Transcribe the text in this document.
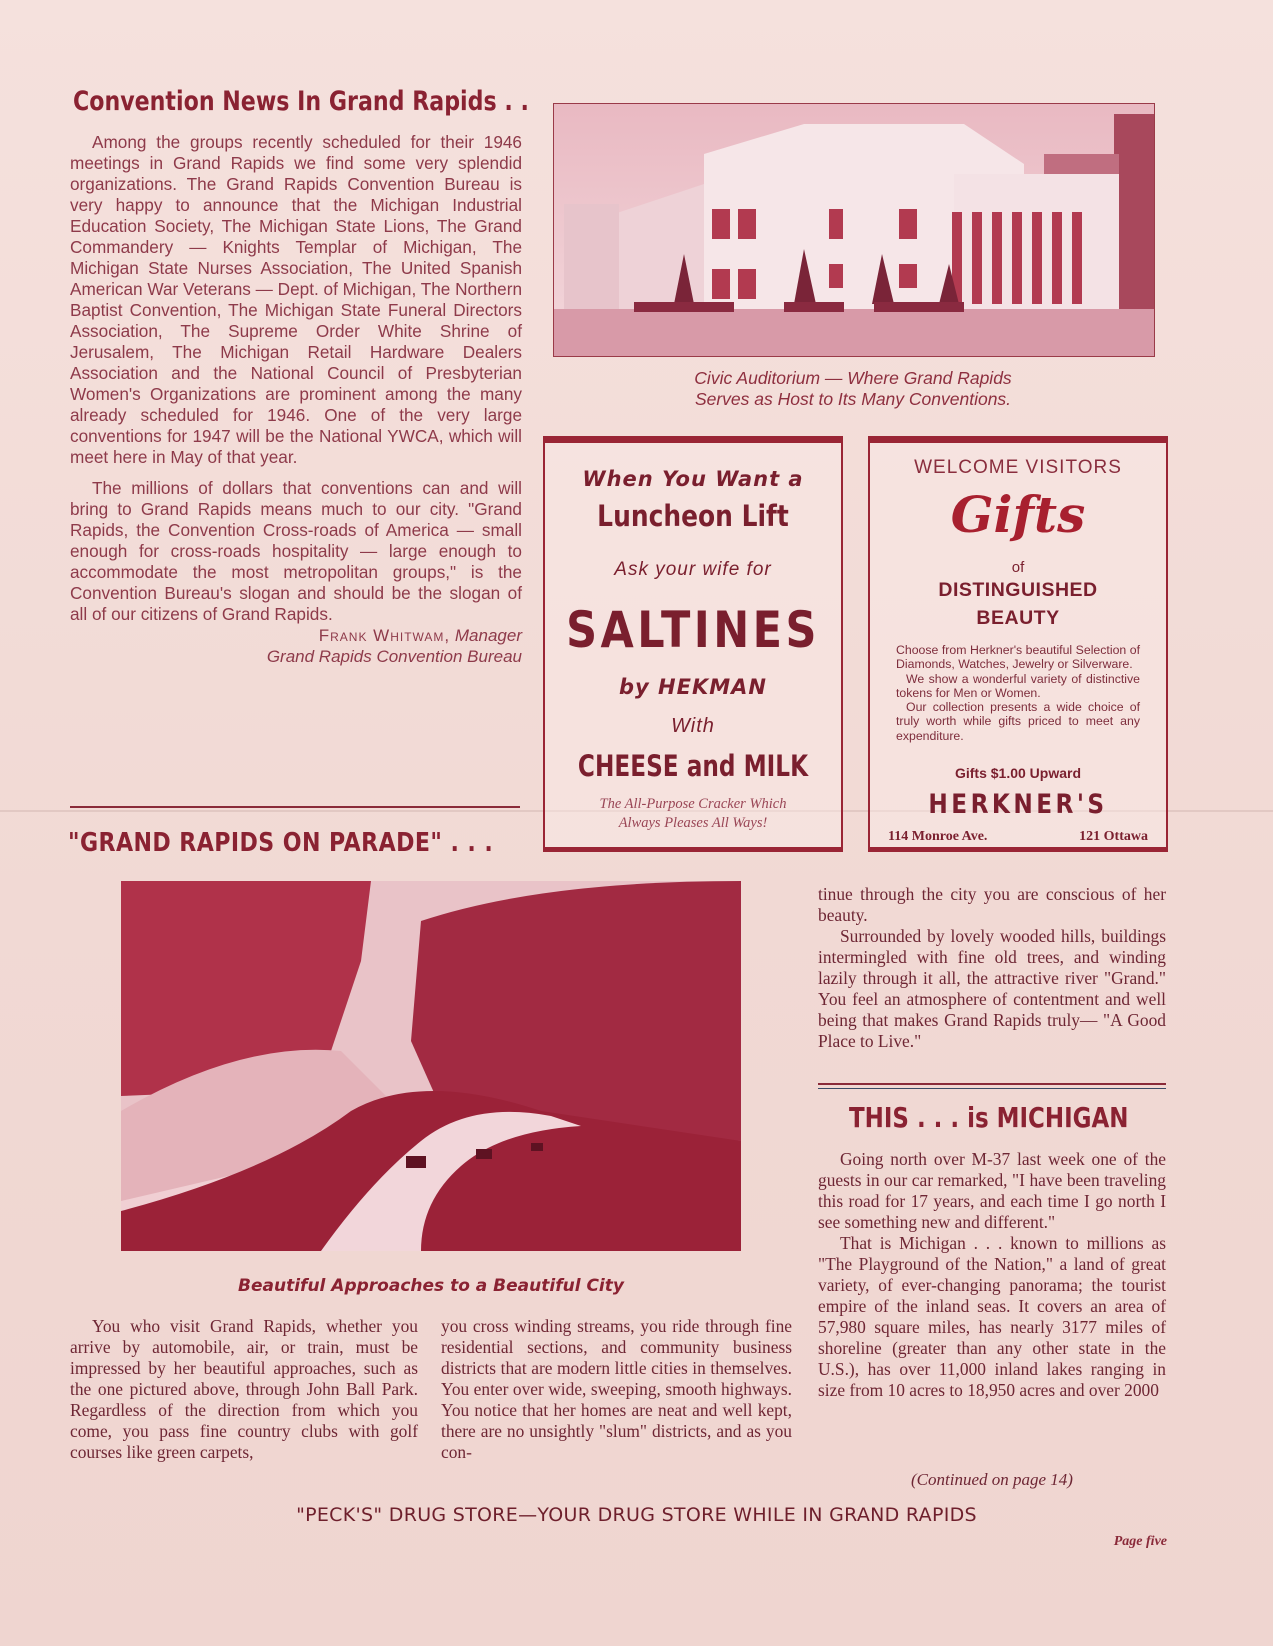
Convention News In Grand Rapids . .

Among the groups recently scheduled for their 1946 meetings in Grand Rapids we find some very splendid organizations. The Grand Rapids Convention Bureau is very happy to announce that the Michigan Industrial Education Society, The Michigan State Lions, The Grand Commandery — Knights Templar of Michigan, The Michigan State Nurses Association, The United Spanish American War Veterans — Dept. of Michigan, The Northern Baptist Convention, The Michigan State Funeral Directors Association, The Supreme Order White Shrine of Jerusalem, The Michigan Retail Hardware Dealers Association and the National Council of Presbyterian Women's Organizations are prominent among the many already scheduled for 1946. One of the very large conventions for 1947 will be the National YWCA, which will meet here in May of that year.

The millions of dollars that conventions can and will bring to Grand Rapids means much to our city. "Grand Rapids, the Convention Cross-roads of America — small enough for cross-roads hospitality — large enough to accommodate the most metropolitan groups," is the Convention Bureau's slogan and should be the slogan of all of our citizens of Grand Rapids.

Frank Whitwam, Manager
Grand Rapids Convention Bureau
Civic Auditorium — Where Grand Rapids
Serves as Host to Its Many Conventions.
When You Want a
Luncheon Lift
Ask your wife for
SALTINES
by HEKMAN
With
CHEESE and MILK
The All-Purpose Cracker Which
Always Pleases All Ways!
WELCOME VISITORS
Gifts
of
DISTINGUISHED
BEAUTY

Choose from Herkner's beautiful Selection of Diamonds, Watches, Jewelry or Silverware.

We show a wonderful variety of distinctive tokens for Men or Women.

Our collection presents a wide choice of truly worth while gifts priced to meet any expenditure.

Gifts $1.00 Upward
HERKNER'S
114 Monroe Ave.	121 Ottawa
"GRAND RAPIDS ON PARADE" . . .
Beautiful Approaches to a Beautiful City

You who visit Grand Rapids, whether you arrive by automobile, air, or train, must be impressed by her beautiful approaches, such as the one pictured above, through John Ball Park. Regardless of the direction from which you come, you pass fine country clubs with golf courses like green carpets,

you cross winding streams, you ride through fine residential sections, and community business districts that are modern little cities in themselves. You enter over wide, sweeping, smooth highways. You notice that her homes are neat and well kept, there are no unsightly "slum" districts, and as you con-

tinue through the city you are conscious of her beauty.

Surrounded by lovely wooded hills, buildings intermingled with fine old trees, and winding lazily through it all, the attractive river "Grand." You feel an atmosphere of contentment and well being that makes Grand Rapids truly— "A Good Place to Live."

THIS . . . is MICHIGAN

Going north over M-37 last week one of the guests in our car remarked, "I have been traveling this road for 17 years, and each time I go north I see something new and different."

That is Michigan . . . known to millions as "The Playground of the Nation," a land of great variety, of ever-changing panorama; the tourist empire of the inland seas. It covers an area of 57,980 square miles, has nearly 3177 miles of shoreline (greater than any other state in the U.S.), has over 11,000 inland lakes ranging in size from 10 acres to 18,950 acres and over 2000

(Continued on page 14)
"PECK'S" DRUG STORE—YOUR DRUG STORE WHILE IN GRAND RAPIDS
Page five
